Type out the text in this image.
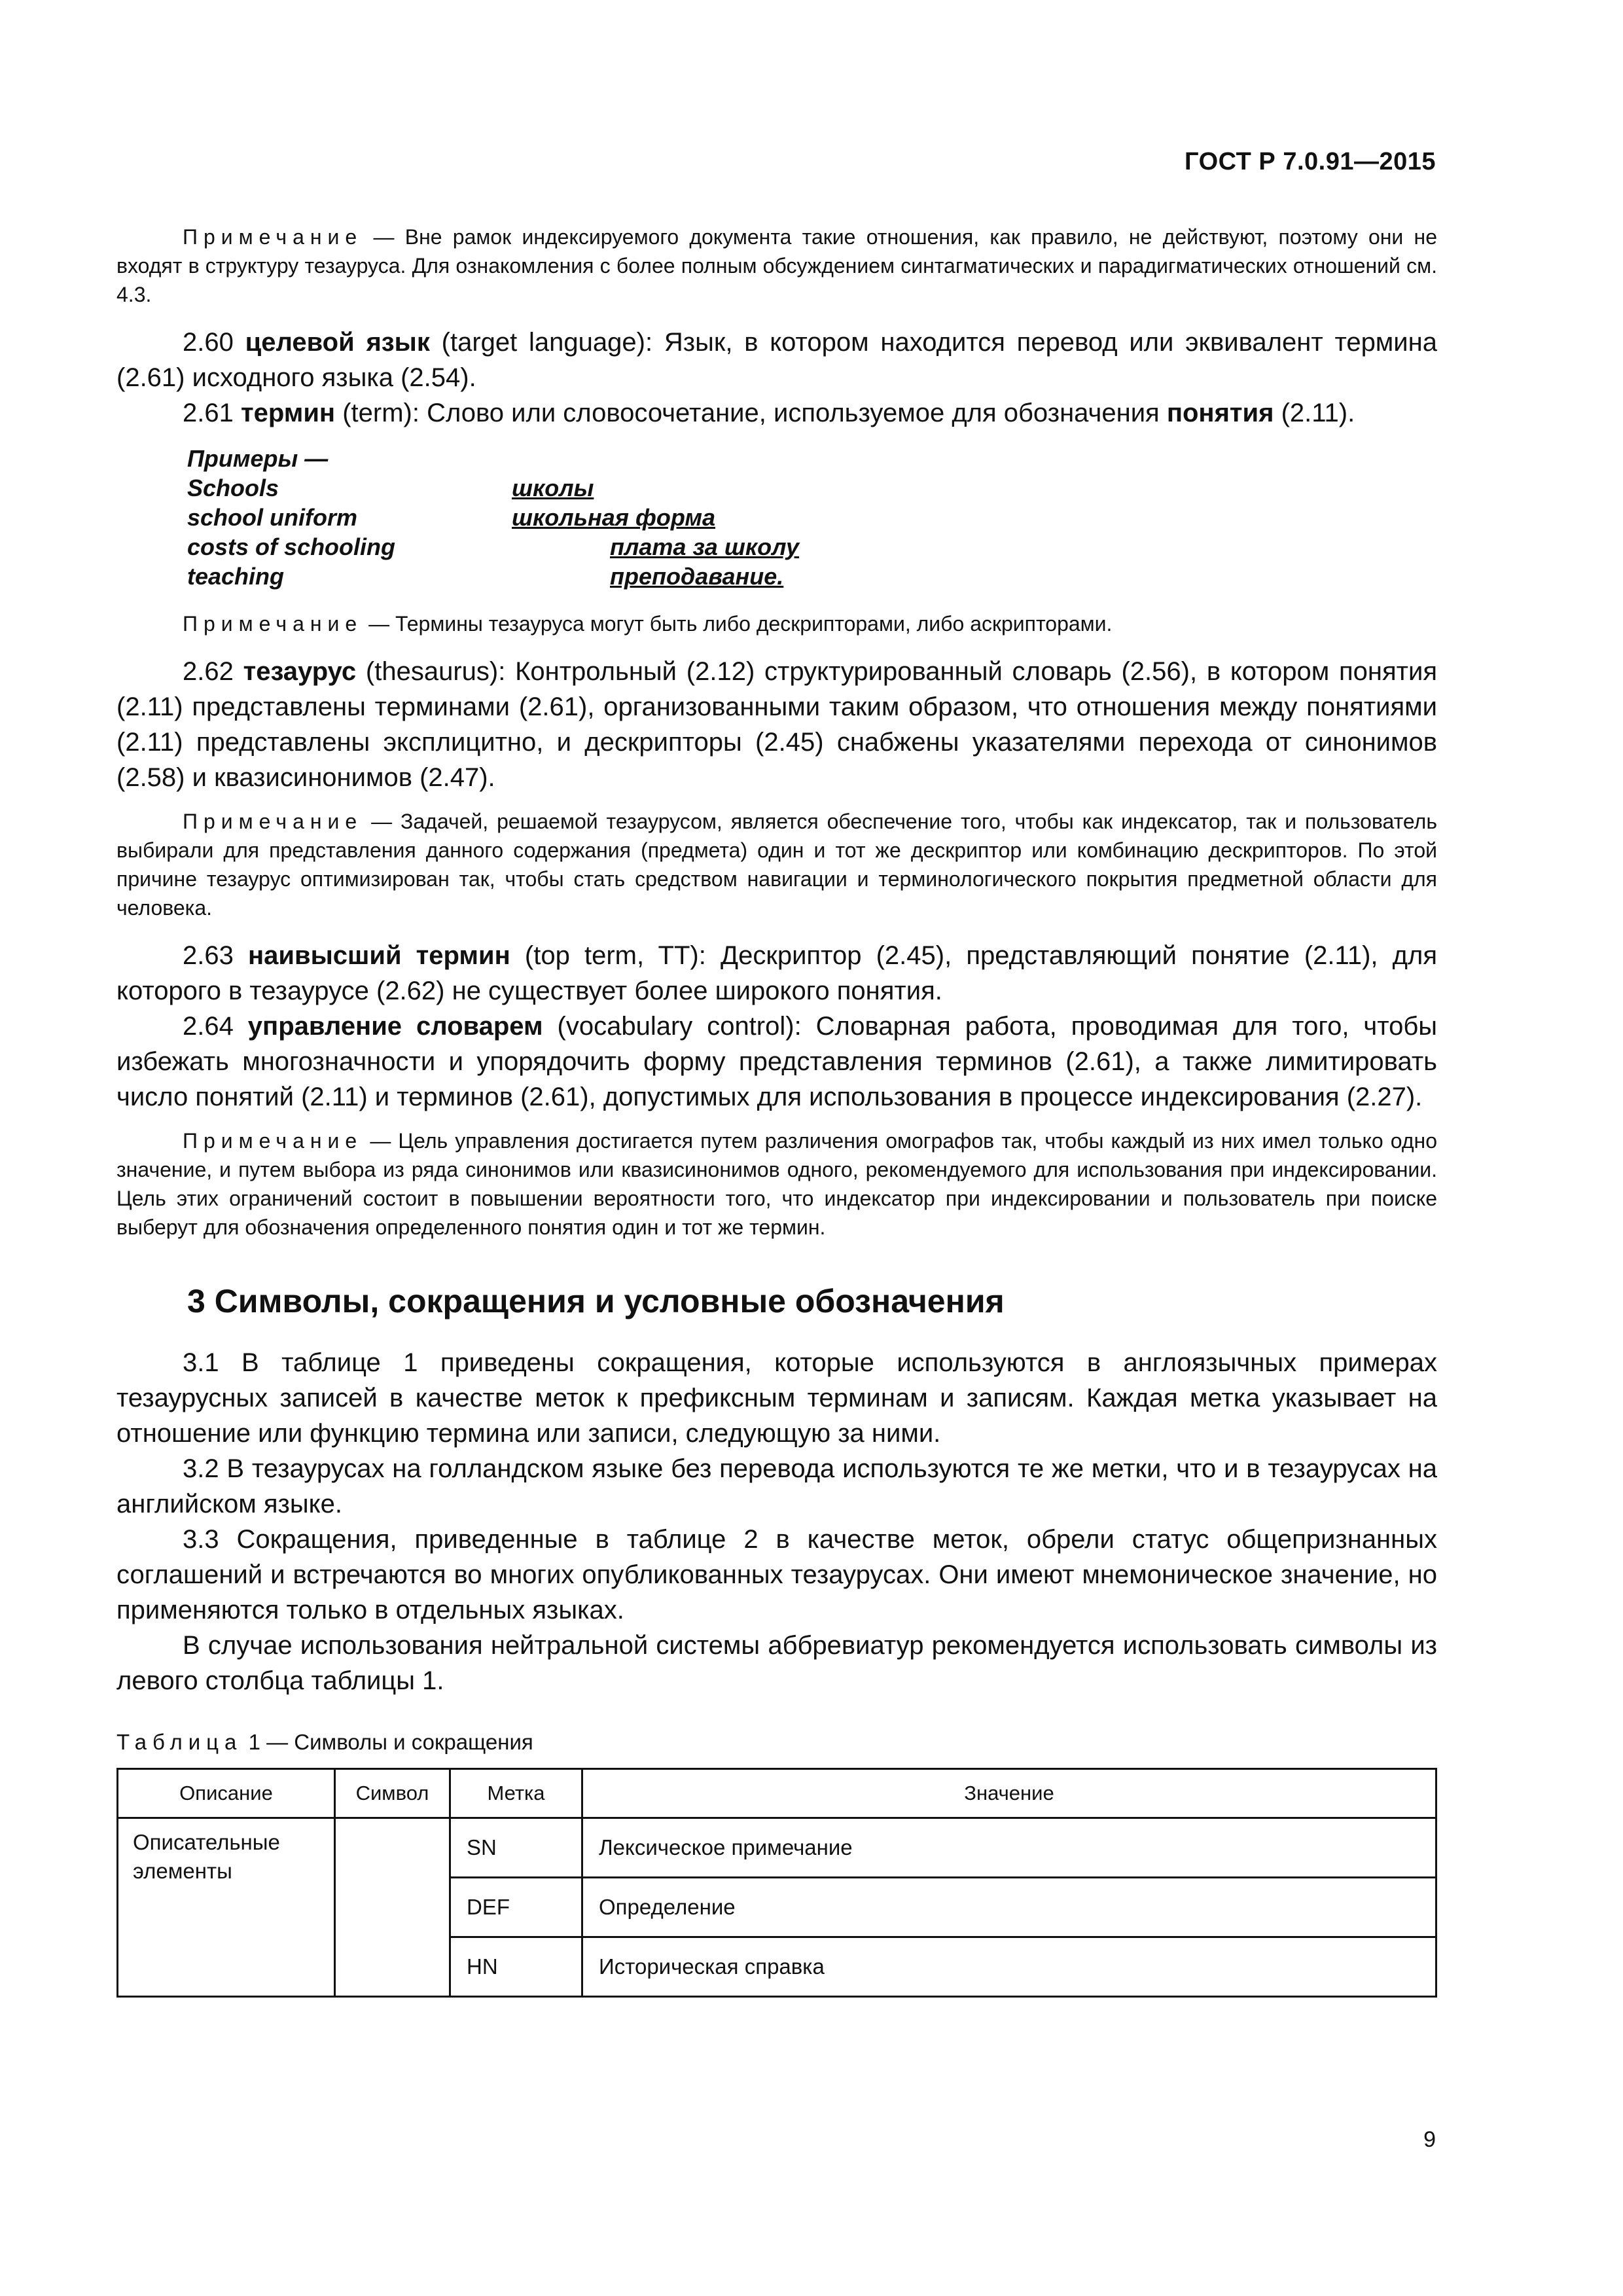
ГОСТ Р 7.0.91—2015

Примечание — Вне рамок индексируемого документа такие отношения, как правило, не действуют, поэтому они не входят в структуру тезауруса. Для ознакомления с более полным обсуждением синтагматических и парадигматических отношений см. 4.3.

2.60 целевой язык (target language): Язык, в котором находится перевод или эквивалент термина (2.61) исходного языка (2.54).

2.61 термин (term): Слово или словосочетание, используемое для обозначения понятия (2.11).

Примеры —
Schools	школы
school uniform	школьная форма
costs of schooling	плата за школу
teaching	преподавание.

Примечание — Термины тезауруса могут быть либо дескрипторами, либо аскрипторами.

2.62 тезаурус (thesaurus): Контрольный (2.12) структурированный словарь (2.56), в котором понятия (2.11) представлены терминами (2.61), организованными таким образом, что отношения между понятиями (2.11) представлены эксплицитно, и дескрипторы (2.45) снабжены указателями перехода от синонимов (2.58) и квазисинонимов (2.47).

Примечание — Задачей, решаемой тезаурусом, является обеспечение того, чтобы как индексатор, так и пользователь выбирали для представления данного содержания (предмета) один и тот же дескриптор или комбинацию дескрипторов. По этой причине тезаурус оптимизирован так, чтобы стать средством навигации и терминологического покрытия предметной области для человека.

2.63 наивысший термин (top term, TT): Дескриптор (2.45), представляющий понятие (2.11), для которого в тезаурусе (2.62) не существует более широкого понятия.

2.64 управление словарем (vocabulary control): Словарная работа, проводимая для того, чтобы избежать многозначности и упорядочить форму представления терминов (2.61), а также лимитировать число понятий (2.11) и терминов (2.61), допустимых для использования в процессе индексирования (2.27).

Примечание — Цель управления достигается путем различения омографов так, чтобы каждый из них имел только одно значение, и путем выбора из ряда синонимов или квазисинонимов одного, рекомендуемого для использования при индексировании. Цель этих ограничений состоит в повышении вероятности того, что индексатор при индексировании и пользователь при поиске выберут для обозначения определенного понятия один и тот же термин.

3 Символы, сокращения и условные обозначения

3.1 В таблице 1 приведены сокращения, которые используются в англоязычных примерах тезаурусных записей в качестве меток к префиксным терминам и записям. Каждая метка указывает на отношение или функцию термина или записи, следующую за ними.

3.2 В тезаурусах на голландском языке без перевода используются те же метки, что и в тезаурусах на английском языке.

3.3 Сокращения, приведенные в таблице 2 в качестве меток, обрели статус общепризнанных соглашений и встречаются во многих опубликованных тезаурусах. Они имеют мнемоническое значение, но применяются только в отдельных языках.

В случае использования нейтральной системы аббревиатур рекомендуется использовать символы из левого столбца таблицы 1.

Таблица 1 — Символы и сокращения
Описание	Символ	Метка	Значение
Описательные элементы		SN	Лексическое примечание
		DEF	Определение
		HN	Историческая справка
9
